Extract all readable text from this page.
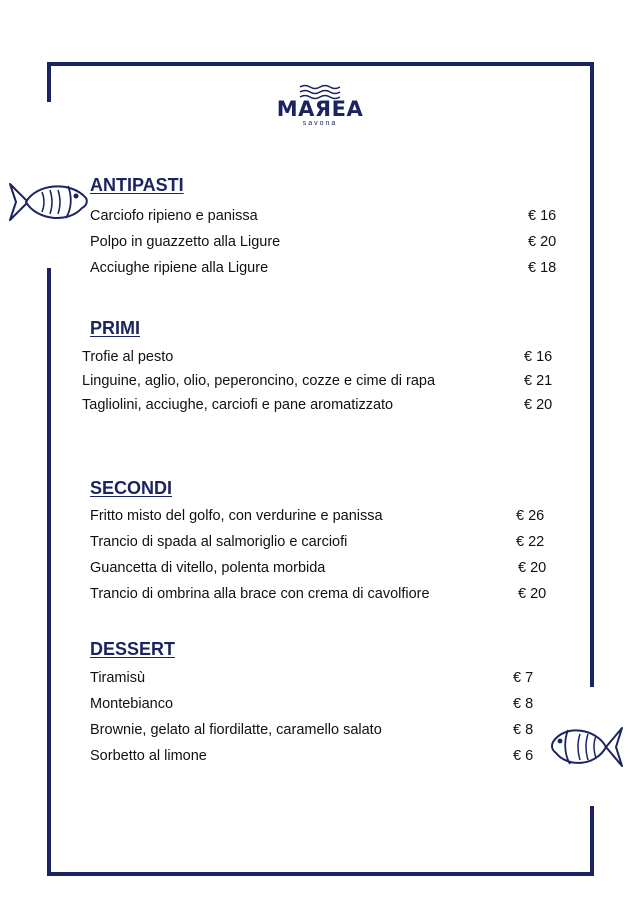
MAЯEA
savona
ANTIPASTI
Carciofo ripieno e panissa	€ 16
Polpo in guazzetto alla Ligure	€ 20
Acciughe ripiene alla Ligure	€ 18
PRIMI
Trofie al pesto	€ 16
Linguine, aglio, olio, peperoncino, cozze e cime di rapa	€ 21
Tagliolini, acciughe, carciofi e pane aromatizzato	€ 20
SECONDI
Fritto misto del golfo, con verdurine e panissa	€ 26
Trancio di spada al salmoriglio e carciofi	€ 22
Guancetta di vitello, polenta morbida	€ 20
Trancio di ombrina alla brace con crema di cavolfiore	€ 20
DESSERT
Tiramisù	€ 7
Montebianco	€ 8
Brownie, gelato al fiordilatte, caramello salato	€ 8
Sorbetto al limone	€ 6
